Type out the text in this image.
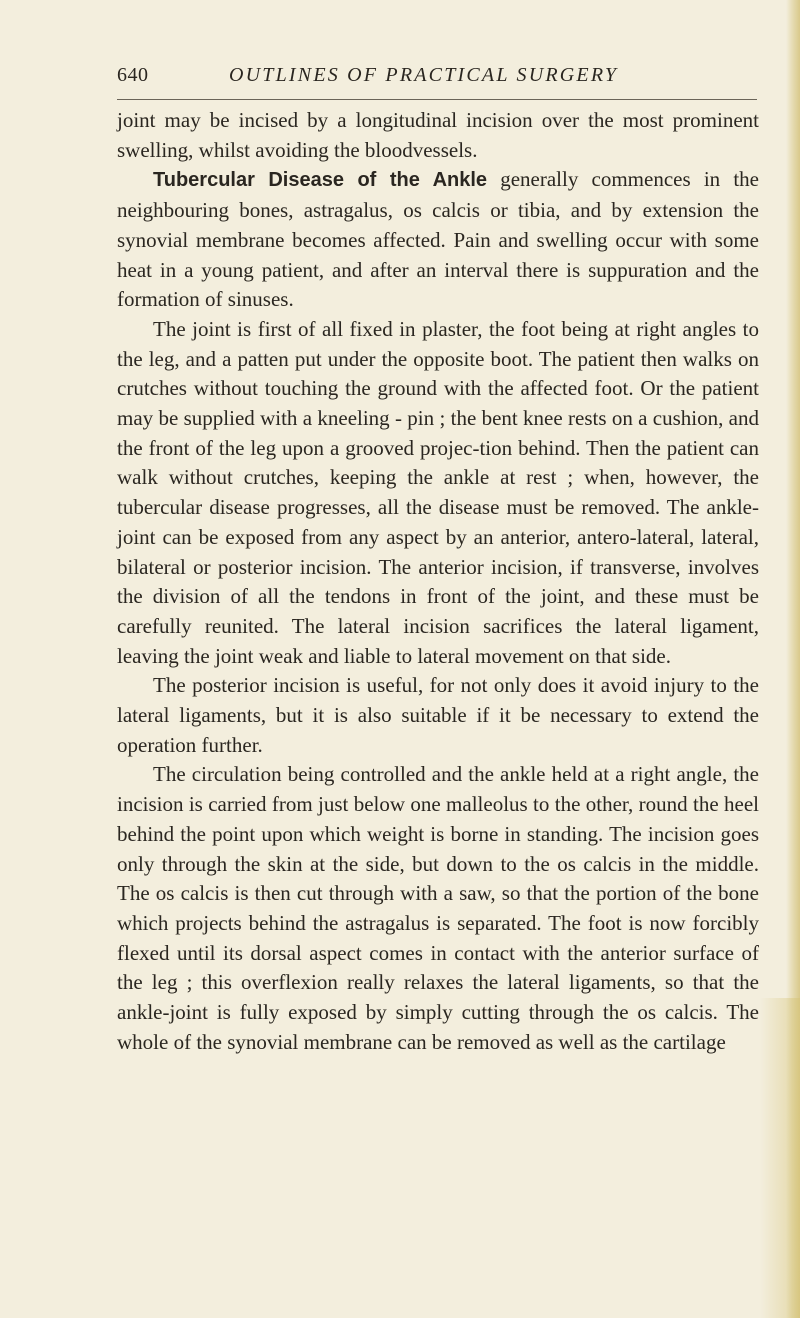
640	OUTLINES OF PRACTICAL SURGERY

joint may be incised by a longitudinal incision over the most prominent swelling, whilst avoiding the bloodvessels.

Tubercular Disease of the Ankle generally commences in the neighbouring bones, astragalus, os calcis or tibia, and by extension the synovial membrane becomes affected. Pain and swelling occur with some heat in a young patient, and after an interval there is suppuration and the formation of sinuses.

The joint is first of all fixed in plaster, the foot being at right angles to the leg, and a patten put under the opposite boot. The patient then walks on crutches without touching the ground with the affected foot. Or the patient may be supplied with a kneeling - pin ; the bent knee rests on a cushion, and the front of the leg upon a grooved projec-tion behind. Then the patient can walk without crutches, keeping the ankle at rest ; when, however, the tubercular disease progresses, all the disease must be removed. The ankle-joint can be exposed from any aspect by an anterior, antero-lateral, lateral, bilateral or posterior incision. The anterior incision, if transverse, involves the division of all the tendons in front of the joint, and these must be carefully reunited. The lateral incision sacrifices the lateral ligament, leaving the joint weak and liable to lateral movement on that side.

The posterior incision is useful, for not only does it avoid injury to the lateral ligaments, but it is also suitable if it be necessary to extend the operation further.

The circulation being controlled and the ankle held at a right angle, the incision is carried from just below one malleolus to the other, round the heel behind the point upon which weight is borne in standing. The incision goes only through the skin at the side, but down to the os calcis in the middle. The os calcis is then cut through with a saw, so that the portion of the bone which projects behind the astragalus is separated. The foot is now forcibly flexed until its dorsal aspect comes in contact with the anterior surface of the leg ; this overflexion really relaxes the lateral ligaments, so that the ankle-joint is fully exposed by simply cutting through the os calcis. The whole of the synovial membrane can be removed as well as the cartilage
